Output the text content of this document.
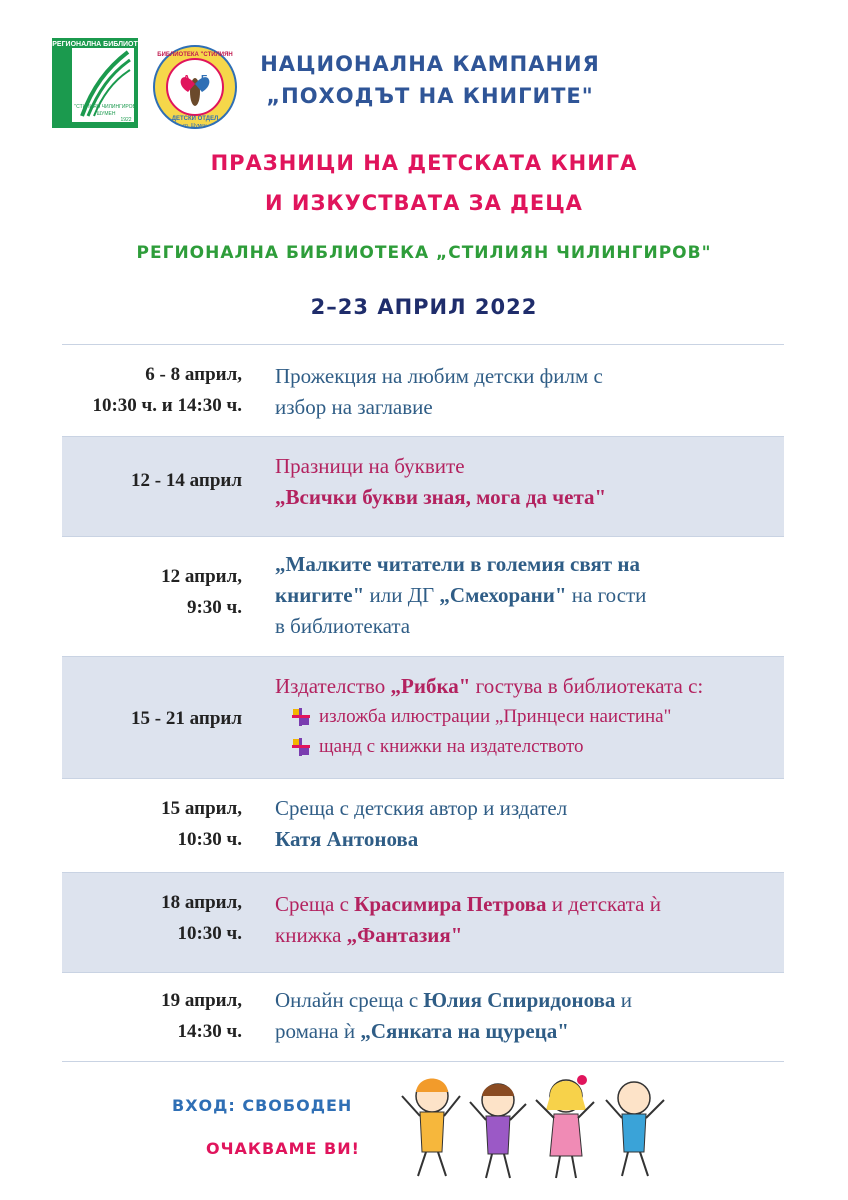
РЕГИОНАЛНА БИБЛИОТЕКА
"СТИЛИЯН ЧИЛИНГИРОВ"
ШУМЕН
1922
А Б
БИБЛИОТЕКА "СТИЛИЯН
ДЕТСКИ ОТДЕЛ
гр. Шумен
НАЦИОНАЛНА КАМПАНИЯ
„ПОХОДЪТ НА КНИГИТЕ"
ПРАЗНИЦИ НА ДЕТСКАТА КНИГА
И ИЗКУСТВАТА ЗА ДЕЦА
РЕГИОНАЛНА БИБЛИОТЕКА „СТИЛИЯН ЧИЛИНГИРОВ"
2–23 АПРИЛ 2022
6 - 8 април,
10:30 ч. и 14:30 ч.
Прожекция на любим детски филм с
избор на заглавие
12 - 14 април
Празници на буквите
„Всички букви зная, мога да чета"
12 април,
9:30 ч.
„Малките читатели в големия свят на
книгите" или ДГ „Смехорани" на гости
в библиотеката
15 - 21 април
Издателство „Рибка" гостува в библиотеката с:
изложба илюстрации „Принцеси наистина"
щанд с книжки на издателството
15 април,
10:30 ч.
Среща с детския автор и издател
Катя Антонова
18 април,
10:30 ч.
Среща с Красимира Петрова и детската ѝ
книжка „Фантазия"
19 април,
14:30 ч.
Онлайн среща с Юлия Спиридонова и
романа ѝ „Сянката на щуреца"
ВХОД: СВОБОДЕН
ОЧАКВАМЕ ВИ!
